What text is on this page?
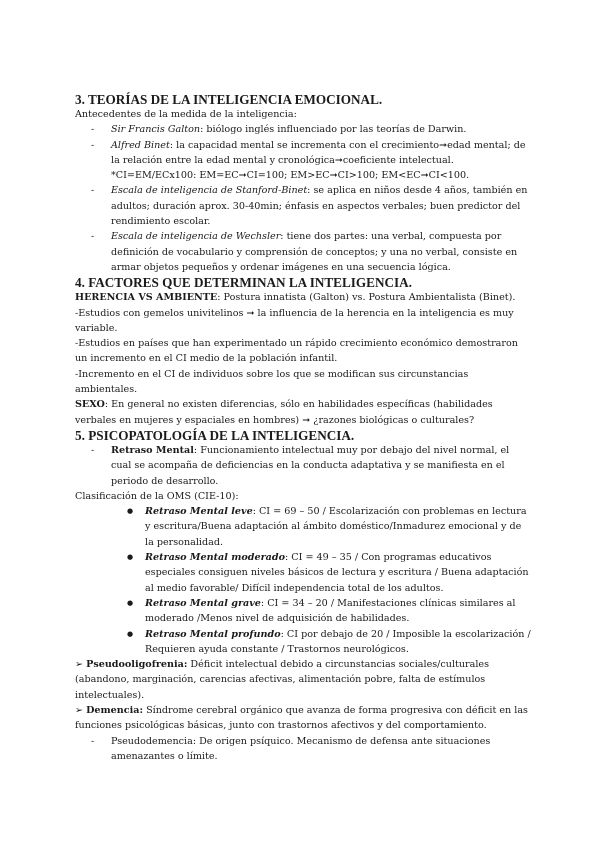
3. TEORÍAS DE LA INTELIGENCIA EMOCIONAL.

Antecedentes de la medida de la inteligencia:

- Sir Francis Galton: biólogo inglés influenciado por las teorías de Darwin.

- Alfred Binet: la capacidad mental se incrementa con el crecimiento➞edad mental; de la relación entre la edad mental y cronológica➞coeficiente intelectual.
*CI=EM/ECx100: EM=EC➞CI=100; EM>EC➞CI>100; EM<EC➞CI<100.

- Escala de inteligencia de Stanford-Binet: se aplica en niños desde 4 años, también en adultos; duración aprox. 30-40min; énfasis en aspectos verbales; buen predictor del rendimiento escolar.

- Escala de inteligencia de Wechsler: tiene dos partes: una verbal, compuesta por definición de vocabulario y comprensión de conceptos; y una no verbal, consiste en armar objetos pequeños y ordenar imágenes en una secuencia lógica.

4. FACTORES QUE DETERMINAN LA INTELIGENCIA.

HERENCIA VS AMBIENTE: Postura innatista (Galton) vs. Postura Ambientalista (Binet).

-Estudios con gemelos univitelinos ➞ la influencia de la herencia en la inteligencia es muy variable.

-Estudios en países que han experimentado un rápido crecimiento económico demostraron un incremento en el CI medio de la población infantil.

-Incremento en el CI de individuos sobre los que se modifican sus circunstancias ambientales.

SEXO: En general no existen diferencias, sólo en habilidades específicas (habilidades verbales en mujeres y espaciales en hombres) ➞ ¿razones biológicas o culturales?

5. PSICOPATOLOGÍA DE LA INTELIGENCIA.

- Retraso Mental: Funcionamiento intelectual muy por debajo del nivel normal, el cual se acompaña de deficiencias en la conducta adaptativa y se manifiesta en el periodo de desarrollo.

Clasificación de la OMS (CIE-10):

● Retraso Mental leve: CI = 69 – 50 / Escolarización con problemas en lectura y escritura/Buena adaptación al ámbito doméstico/Inmadurez emocional y de la personalidad.

● Retraso Mental moderado: CI = 49 – 35 / Con programas educativos especiales consiguen niveles básicos de lectura y escritura / Buena adaptación al medio favorable/ Difícil independencia total de los adultos.

● Retraso Mental grave: CI = 34 – 20 / Manifestaciones clínicas similares al moderado /Menos nivel de adquisición de habilidades.

● Retraso Mental profundo: CI por debajo de 20 / Imposible la escolarización / Requieren ayuda constante / Trastornos neurológicos.

➢ Pseudooligofrenia: Déficit intelectual debido a circunstancias sociales/culturales (abandono, marginación, carencias afectivas, alimentación pobre, falta de estímulos intelectuales).

➢ Demencia: Síndrome cerebral orgánico que avanza de forma progresiva con déficit en las funciones psicológicas básicas, junto con trastornos afectivos y del comportamiento.

- Pseudodemencia: De origen psíquico. Mecanismo de defensa ante situaciones amenazantes o límite.
